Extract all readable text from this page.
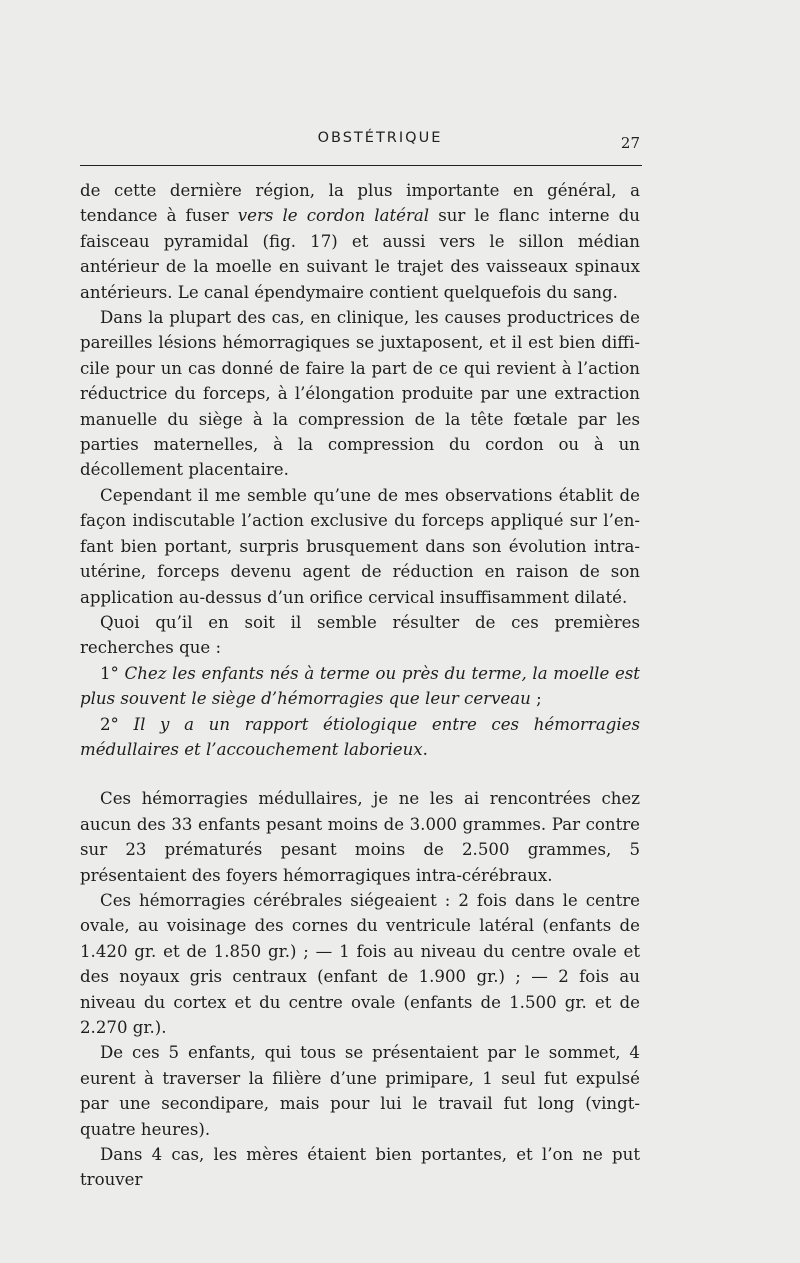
OBSTÉTRIQUE	27

de cette dernière région, la plus importante en général, a tendance à fuser vers le cordon latéral sur le flanc interne du faisceau pyramidal (fig. 17) et aussi vers le sillon médian antérieur de la moelle en suivant le trajet des vaisseaux spinaux antérieurs. Le canal épendymaire contient quelquefois du sang.

Dans la plupart des cas, en clinique, les causes productrices de pareilles lésions hémorragiques se juxtaposent, et il est bien difficile pour un cas donné de faire la part de ce qui revient à l’action réductrice du forceps, à l’élongation produite par une extraction manuelle du siège à la compression de la tête fœtale par les parties maternelles, à la compression du cordon ou à un décollement placentaire.

Cependant il me semble qu’une de mes observations établit de façon indiscutable l’action exclusive du forceps appliqué sur l’enfant bien portant, surpris brusquement dans son évolution intra-utérine, forceps devenu agent de réduction en raison de son application au-dessus d’un orifice cervical insuffisamment dilaté.

Quoi qu’il en soit il semble résulter de ces premières recherches que :

1° Chez les enfants nés à terme ou près du terme, la moelle est plus souvent le siège d’hémorragies que leur cerveau ;

2° Il y a un rapport étiologique entre ces hémorragies médullaires et l’accouchement laborieux.

Ces hémorragies médullaires, je ne les ai rencontrées chez aucun des 33 enfants pesant moins de 3.000 grammes. Par contre sur 23 prématurés pesant moins de 2.500 grammes, 5 présentaient des foyers hémorragiques intra-cérébraux.

Ces hémorragies cérébrales siégeaient : 2 fois dans le centre ovale, au voisinage des cornes du ventricule latéral (enfants de 1.420 gr. et de 1.850 gr.) ; — 1 fois au niveau du centre ovale et des noyaux gris centraux (enfant de 1.900 gr.) ; — 2 fois au niveau du cortex et du centre ovale (enfants de 1.500 gr. et de 2.270 gr.).

De ces 5 enfants, qui tous se présentaient par le sommet, 4 eurent à traverser la filière d’une primipare, 1 seul fut expulsé par une secondipare, mais pour lui le travail fut long (vingt-quatre heures).

Dans 4 cas, les mères étaient bien portantes, et l’on ne put trouver
